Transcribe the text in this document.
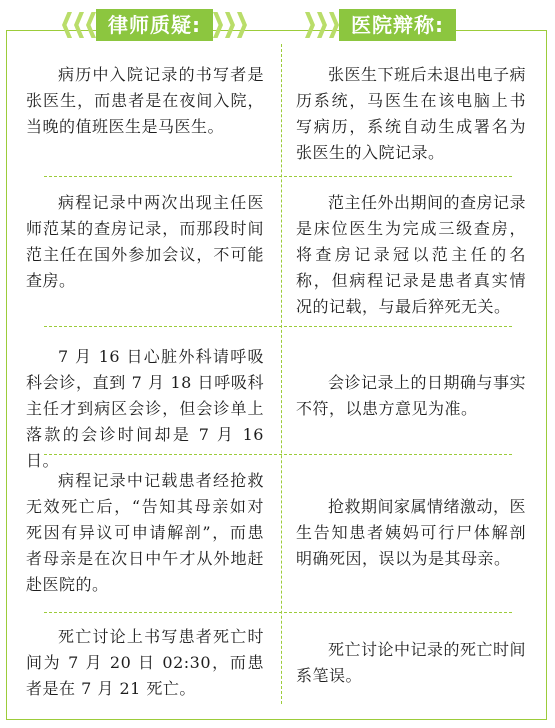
律师质疑:	医院辩称:
病历中入院记录的书写者是张医生，而患者是在夜间入院，当晚的值班医生是马医生。
张医生下班后未退出电子病历系统，马医生在该电脑上书写病历，系统自动生成署名为张医生的入院记录。
病程记录中两次出现主任医师范某的查房记录，而那段时间范主任在国外参加会议，不可能查房。
范主任外出期间的查房记录是床位医生为完成三级查房，将查房记录冠以范主任的名称，但病程记录是患者真实情况的记载，与最后猝死无关。
7 月 16 日心脏外科请呼吸科会诊，直到 7 月 18 日呼吸科主任才到病区会诊，但会诊单上落款的会诊时间却是 7 月 16 日。
会诊记录上的日期确与事实不符，以患方意见为准。
病程记录中记载患者经抢救无效死亡后，“告知其母亲如对死因有异议可申请解剖”，而患者母亲是在次日中午才从外地赶赴医院的。
抢救期间家属情绪激动，医生告知患者姨妈可行尸体解剖明确死因，误以为是其母亲。
死亡讨论上书写患者死亡时间为 7 月 20 日 02:30，而患者是在 7 月 21 死亡。
死亡讨论中记录的死亡时间系笔误。
